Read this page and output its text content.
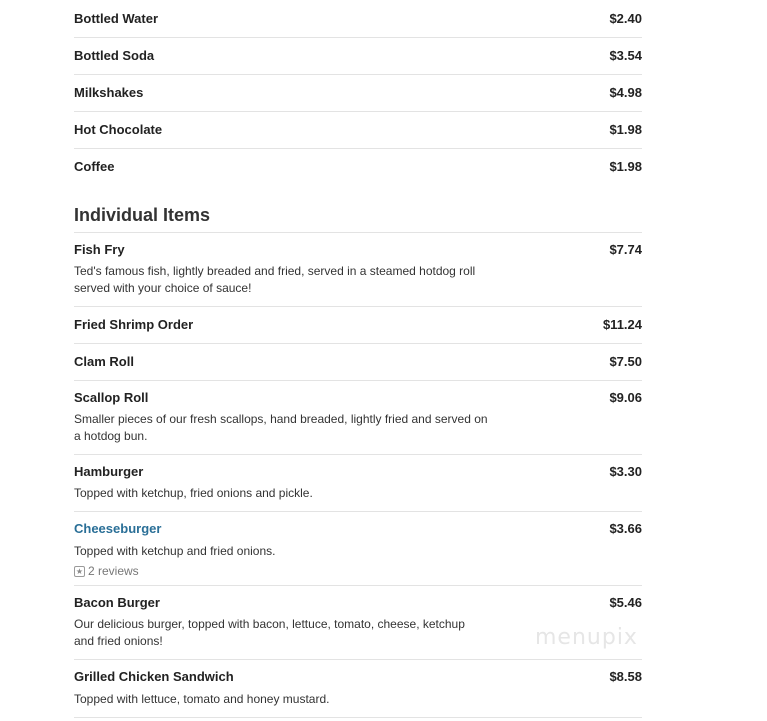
Bottled Water	$2.40
Bottled Soda	$3.54
Milkshakes	$4.98
Hot Chocolate	$1.98
Coffee	$1.98
Individual Items
Fish Fry	$7.74
Ted's famous fish, lightly breaded and fried, served in a steamed hotdog roll
served with your choice of sauce!
Fried Shrimp Order	$11.24
Clam Roll	$7.50
Scallop Roll	$9.06
Smaller pieces of our fresh scallops, hand breaded, lightly fried and served on
a hotdog bun.
Hamburger	$3.30
Topped with ketchup, fried onions and pickle.
Cheeseburger	$3.66
Topped with ketchup and fried onions.
★ 2 reviews
Bacon Burger	$5.46
Our delicious burger, topped with bacon, lettuce, tomato, cheese, ketchup
and fried onions!
Grilled Chicken Sandwich	$8.58
Topped with lettuce, tomato and honey mustard.
menupix
